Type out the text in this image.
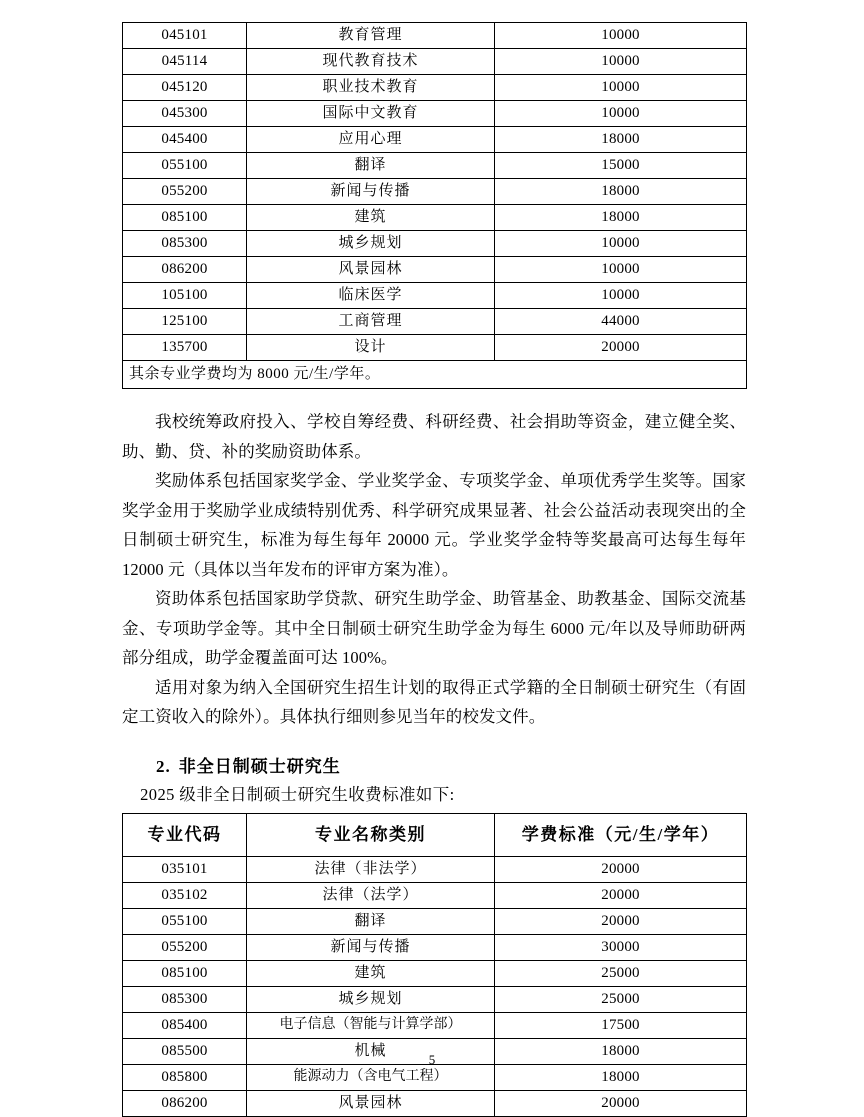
045101	教育管理	10000
045114	现代教育技术	10000
045120	职业技术教育	10000
045300	国际中文教育	10000
045400	应用心理	18000
055100	翻译	15000
055200	新闻与传播	18000
085100	建筑	18000
085300	城乡规划	10000
086200	风景园林	10000
105100	临床医学	10000
125100	工商管理	44000
135700	设计	20000
其余专业学费均为 8000 元/生/学年。		

我校统筹政府投入、学校自筹经费、科研经费、社会捐助等资金，建立健全奖、助、勤、贷、补的奖励资助体系。

奖励体系包括国家奖学金、学业奖学金、专项奖学金、单项优秀学生奖等。国家奖学金用于奖励学业成绩特别优秀、科学研究成果显著、社会公益活动表现突出的全日制硕士研究生，标准为每生每年 20000 元。学业奖学金特等奖最高可达每生每年 12000 元（具体以当年发布的评审方案为准）。

资助体系包括国家助学贷款、研究生助学金、助管基金、助教基金、国际交流基金、专项助学金等。其中全日制硕士研究生助学金为每生 6000 元/年以及导师助研两部分组成，助学金覆盖面可达 100%。

适用对象为纳入全国研究生招生计划的取得正式学籍的全日制硕士研究生（有固定工资收入的除外）。具体执行细则参见当年的校发文件。

2. 非全日制硕士研究生
2025 级非全日制硕士研究生收费标准如下:
专业代码	专业名称类别	学费标准（元/生/学年）
035101	法律（非法学）	20000
035102	法律（法学）	20000
055100	翻译	20000
055200	新闻与传播	30000
085100	建筑	25000
085300	城乡规划	25000
085400	电子信息（智能与计算学部）	17500
085500	机械	18000
085800	能源动力（含电气工程）	18000
086200	风景园林	20000
5
